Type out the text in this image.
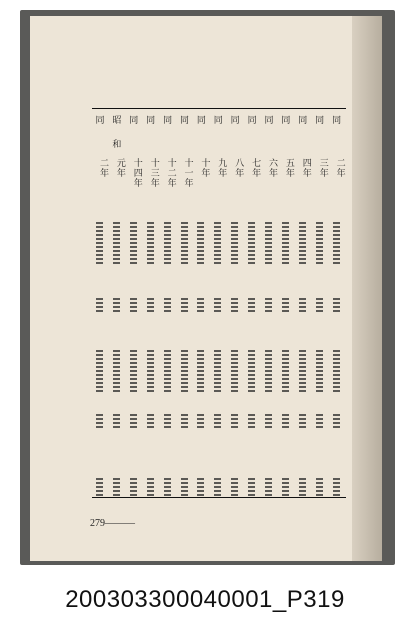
同
二年
昭
和
元年
同
十四年
同
十三年
同
十二年
同
十一年
同
十年
同
九年
同
八年
同
七年
同
六年
同
五年
同
四年
同
三年
同
二年
279———
200303300040001_P319
